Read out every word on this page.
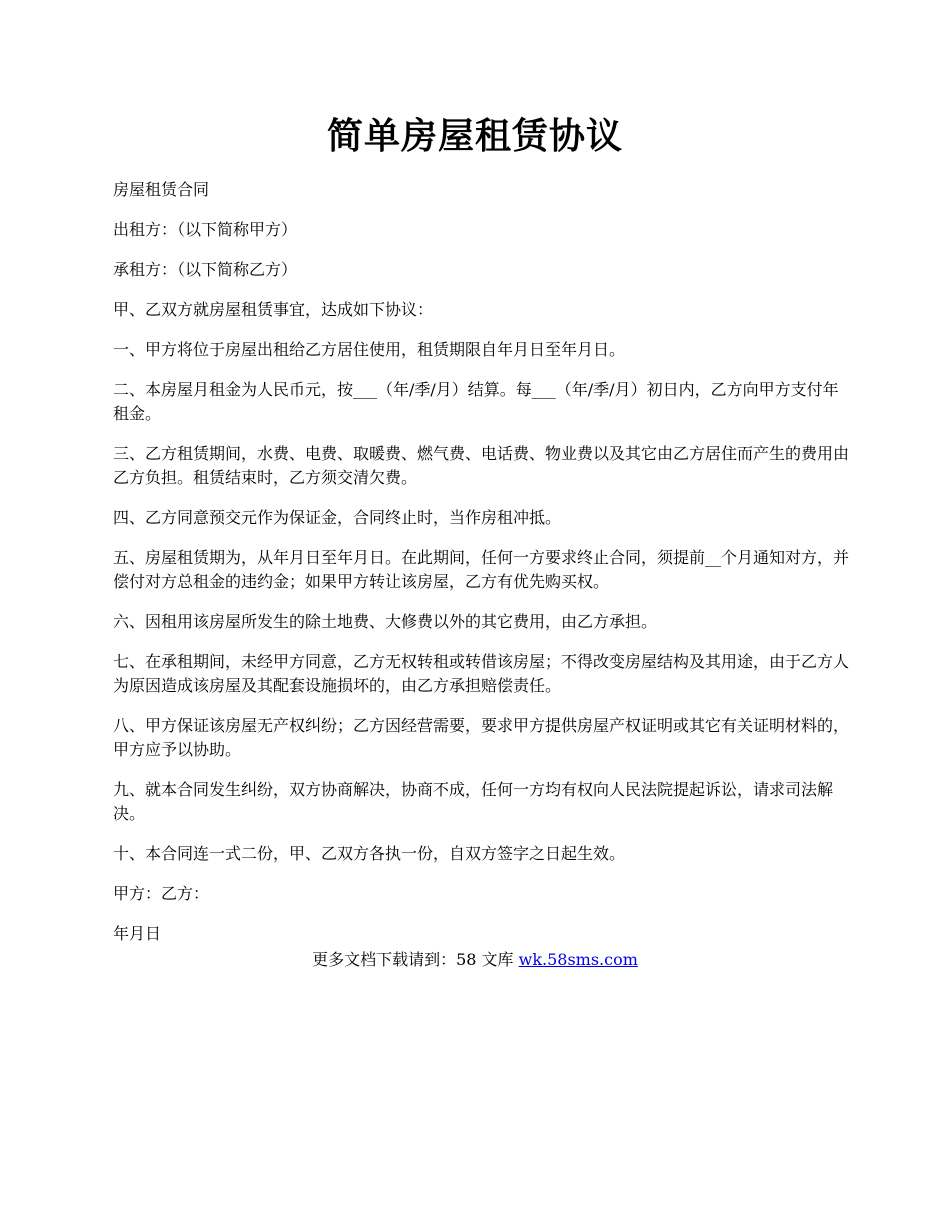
简单房屋租赁协议

房屋租赁合同

出租方：（以下简称甲方）

承租方：（以下简称乙方）

甲、乙双方就房屋租赁事宜，达成如下协议：

一、甲方将位于房屋出租给乙方居住使用，租赁期限自年月日至年月日。

二、本房屋月租金为人民币元，按___（年/季/月）结算。每___（年/季/月）初日内，乙方向甲方支付年租金。

三、乙方租赁期间，水费、电费、取暖费、燃气费、电话费、物业费以及其它由乙方居住而产生的费用由乙方负担。租赁结束时，乙方须交清欠费。

四、乙方同意预交元作为保证金，合同终止时，当作房租冲抵。

五、房屋租赁期为，从年月日至年月日。在此期间，任何一方要求终止合同，须提前__个月通知对方，并偿付对方总租金的违约金；如果甲方转让该房屋，乙方有优先购买权。

六、因租用该房屋所发生的除土地费、大修费以外的其它费用，由乙方承担。

七、在承租期间，未经甲方同意，乙方无权转租或转借该房屋；不得改变房屋结构及其用途，由于乙方人为原因造成该房屋及其配套设施损坏的，由乙方承担赔偿责任。

八、甲方保证该房屋无产权纠纷；乙方因经营需要，要求甲方提供房屋产权证明或其它有关证明材料的，甲方应予以协助。

九、就本合同发生纠纷，双方协商解决，协商不成，任何一方均有权向人民法院提起诉讼，请求司法解决。

十、本合同连一式二份，甲、乙双方各执一份，自双方签字之日起生效。

甲方：乙方：

年月日

更多文档下载请到：58 文库 wk.58sms.com
